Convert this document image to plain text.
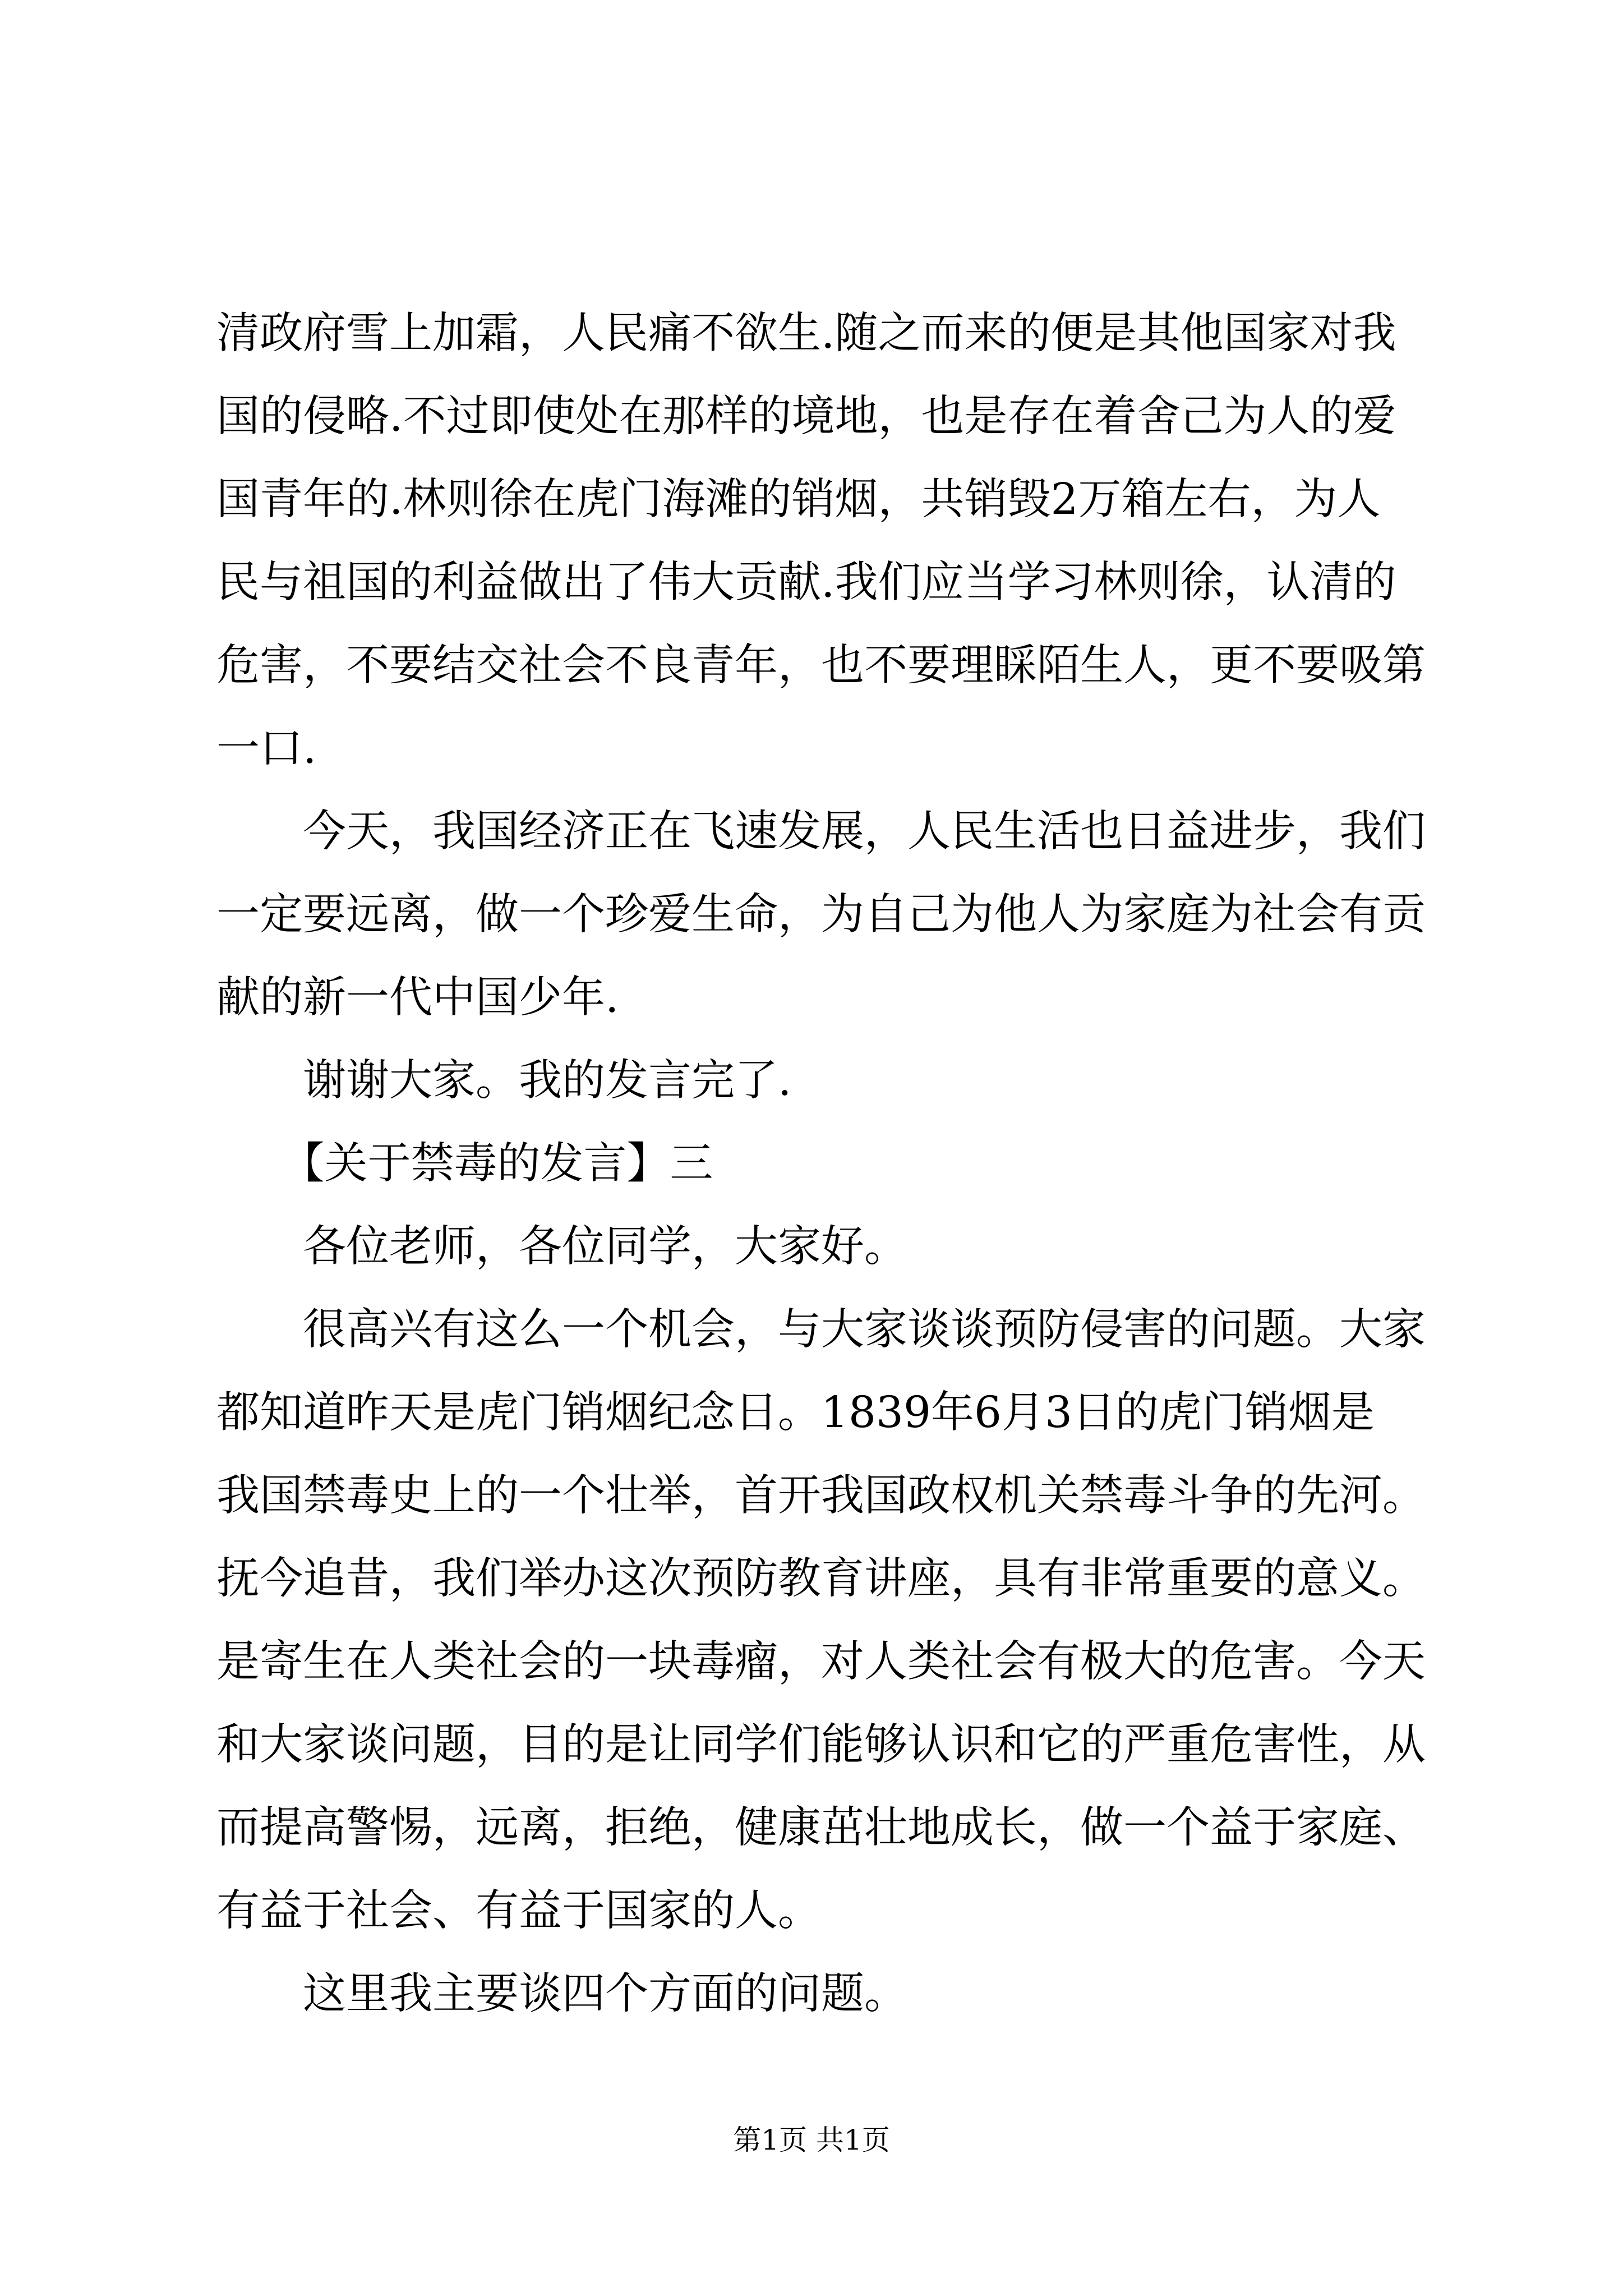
清政府雪上加霜，人民痛不欲生.随之而来的便是其他国家对我

国的侵略.不过即使处在那样的境地，也是存在着舍己为人的爱

国青年的.林则徐在虎门海滩的销烟，共销毁2万箱左右，为人

民与祖国的利益做出了伟大贡献.我们应当学习林则徐，认清的

危害，不要结交社会不良青年，也不要理睬陌生人，更不要吸第

一口.

　　今天，我国经济正在飞速发展，人民生活也日益进步，我们

一定要远离，做一个珍爱生命，为自己为他人为家庭为社会有贡

献的新一代中国少年.

　　谢谢大家。我的发言完了.

　　【关于禁毒的发言】三

　　各位老师，各位同学，大家好。

　　很高兴有这么一个机会，与大家谈谈预防侵害的问题。大家

都知道昨天是虎门销烟纪念日。1839年6月3日的虎门销烟是

我国禁毒史上的一个壮举，首开我国政权机关禁毒斗争的先河。

抚今追昔，我们举办这次预防教育讲座，具有非常重要的意义。

是寄生在人类社会的一块毒瘤，对人类社会有极大的危害。今天

和大家谈问题，目的是让同学们能够认识和它的严重危害性，从

而提高警惕，远离，拒绝，健康茁壮地成长，做一个益于家庭、

有益于社会、有益于国家的人。

　　这里我主要谈四个方面的问题。

第1页 共1页
